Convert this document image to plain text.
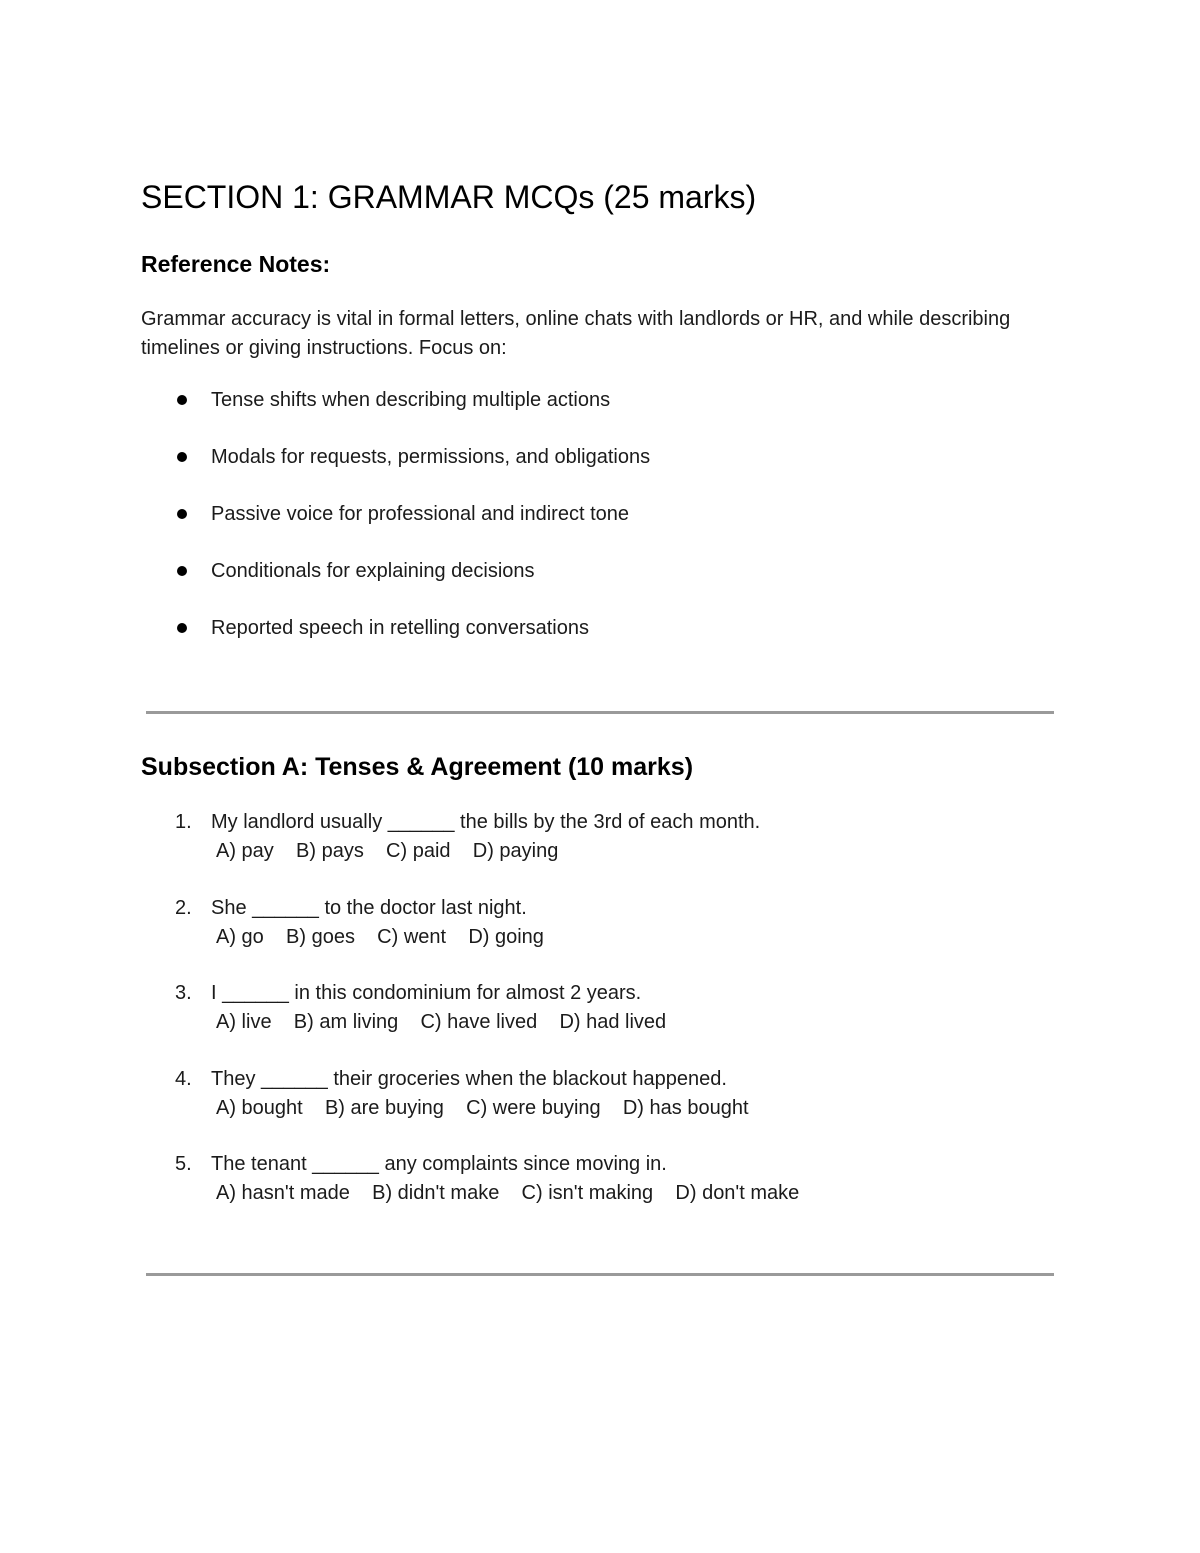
SECTION 1: GRAMMAR MCQs (25 marks)
Reference Notes:

Grammar accuracy is vital in formal letters, online chats with landlords or HR, and while describing timelines or giving instructions. Focus on:

Tense shifts when describing multiple actions
Modals for requests, permissions, and obligations
Passive voice for professional and indirect tone
Conditionals for explaining decisions
Reported speech in retelling conversations
Subsection A: Tenses & Agreement (10 marks)
1. My landlord usually ______ the bills by the 3rd of each month.
A) pay    B) pays    C) paid    D) paying
2. She ______ to the doctor last night.
A) go    B) goes    C) went    D) going
3. I ______ in this condominium for almost 2 years.
A) live    B) am living    C) have lived    D) had lived
4. They ______ their groceries when the blackout happened.
A) bought    B) are buying    C) were buying    D) has bought
5. The tenant ______ any complaints since moving in.
A) hasn't made    B) didn't make    C) isn't making    D) don't make
